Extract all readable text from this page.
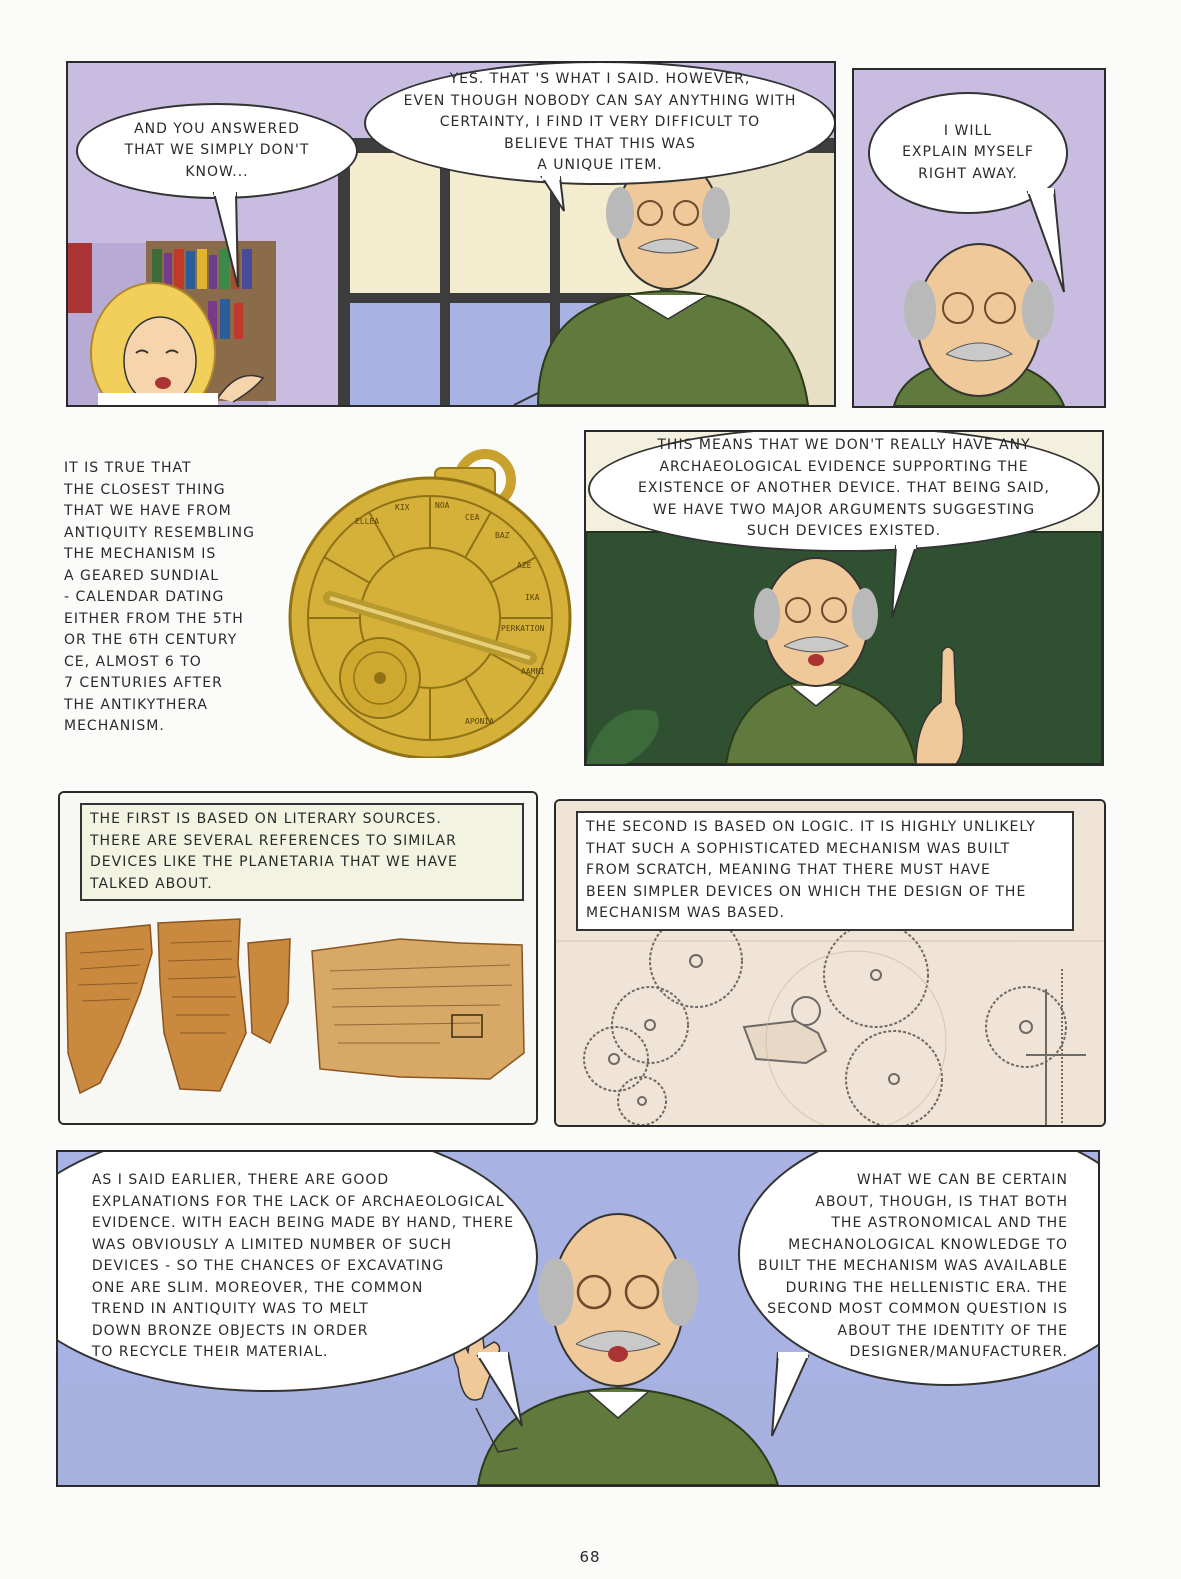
AND YOU ANSWERED
THAT WE SIMPLY DON'T
KNOW...
YES. THAT 'S WHAT I SAID. HOWEVER,
EVEN THOUGH NOBODY CAN SAY ANYTHING WITH
CERTAINTY, I FIND IT VERY DIFFICULT TO
BELIEVE THAT THIS WAS
A UNIQUE ITEM.
I WILL
EXPLAIN MYSELF
RIGHT AWAY.
IT IS TRUE THAT
THE CLOSEST THING
THAT WE HAVE FROM
ANTIQUITY RESEMBLING
THE MECHANISM IS
A GEARED SUNDIAL
- CALENDAR DATING
EITHER FROM THE 5TH
OR THE 6TH CENTURY
CE, ALMOST 6 TO
7 CENTURIES AFTER
THE ANTIKYTHERA
MECHANISM.
ELLEA
KIX	NOA
CEA
BAZ
AZE
IKA
PERKATION
AAMNI
APONIA
THIS MEANS THAT WE DON'T REALLY HAVE ANY
ARCHAEOLOGICAL EVIDENCE SUPPORTING THE
EXISTENCE OF ANOTHER DEVICE. THAT BEING SAID,
WE HAVE TWO MAJOR ARGUMENTS SUGGESTING
SUCH DEVICES EXISTED.
THE FIRST IS BASED ON LITERARY SOURCES.
THERE ARE SEVERAL REFERENCES TO SIMILAR
DEVICES LIKE THE PLANETARIA THAT WE HAVE
TALKED ABOUT.
THE SECOND IS BASED ON LOGIC. IT IS HIGHLY UNLIKELY
THAT SUCH A SOPHISTICATED MECHANISM WAS BUILT
FROM SCRATCH, MEANING THAT THERE MUST HAVE
BEEN SIMPLER DEVICES ON WHICH THE DESIGN OF THE
MECHANISM WAS BASED.
AS I SAID EARLIER, THERE ARE GOOD
EXPLANATIONS FOR THE LACK OF ARCHAEOLOGICAL
EVIDENCE. WITH EACH BEING MADE BY HAND, THERE
WAS OBVIOUSLY A LIMITED NUMBER OF SUCH
DEVICES - SO THE CHANCES OF EXCAVATING
ONE ARE SLIM. MOREOVER, THE COMMON
TREND IN ANTIQUITY WAS TO MELT
DOWN BRONZE OBJECTS IN ORDER
TO RECYCLE THEIR MATERIAL.
WHAT WE CAN BE CERTAIN
ABOUT, THOUGH, IS THAT BOTH
THE ASTRONOMICAL AND THE
MECHANOLOGICAL KNOWLEDGE TO
BUILT THE MECHANISM WAS AVAILABLE
DURING THE HELLENISTIC ERA. THE
SECOND MOST COMMON QUESTION IS
ABOUT THE IDENTITY OF THE
DESIGNER/MANUFACTURER.
68
